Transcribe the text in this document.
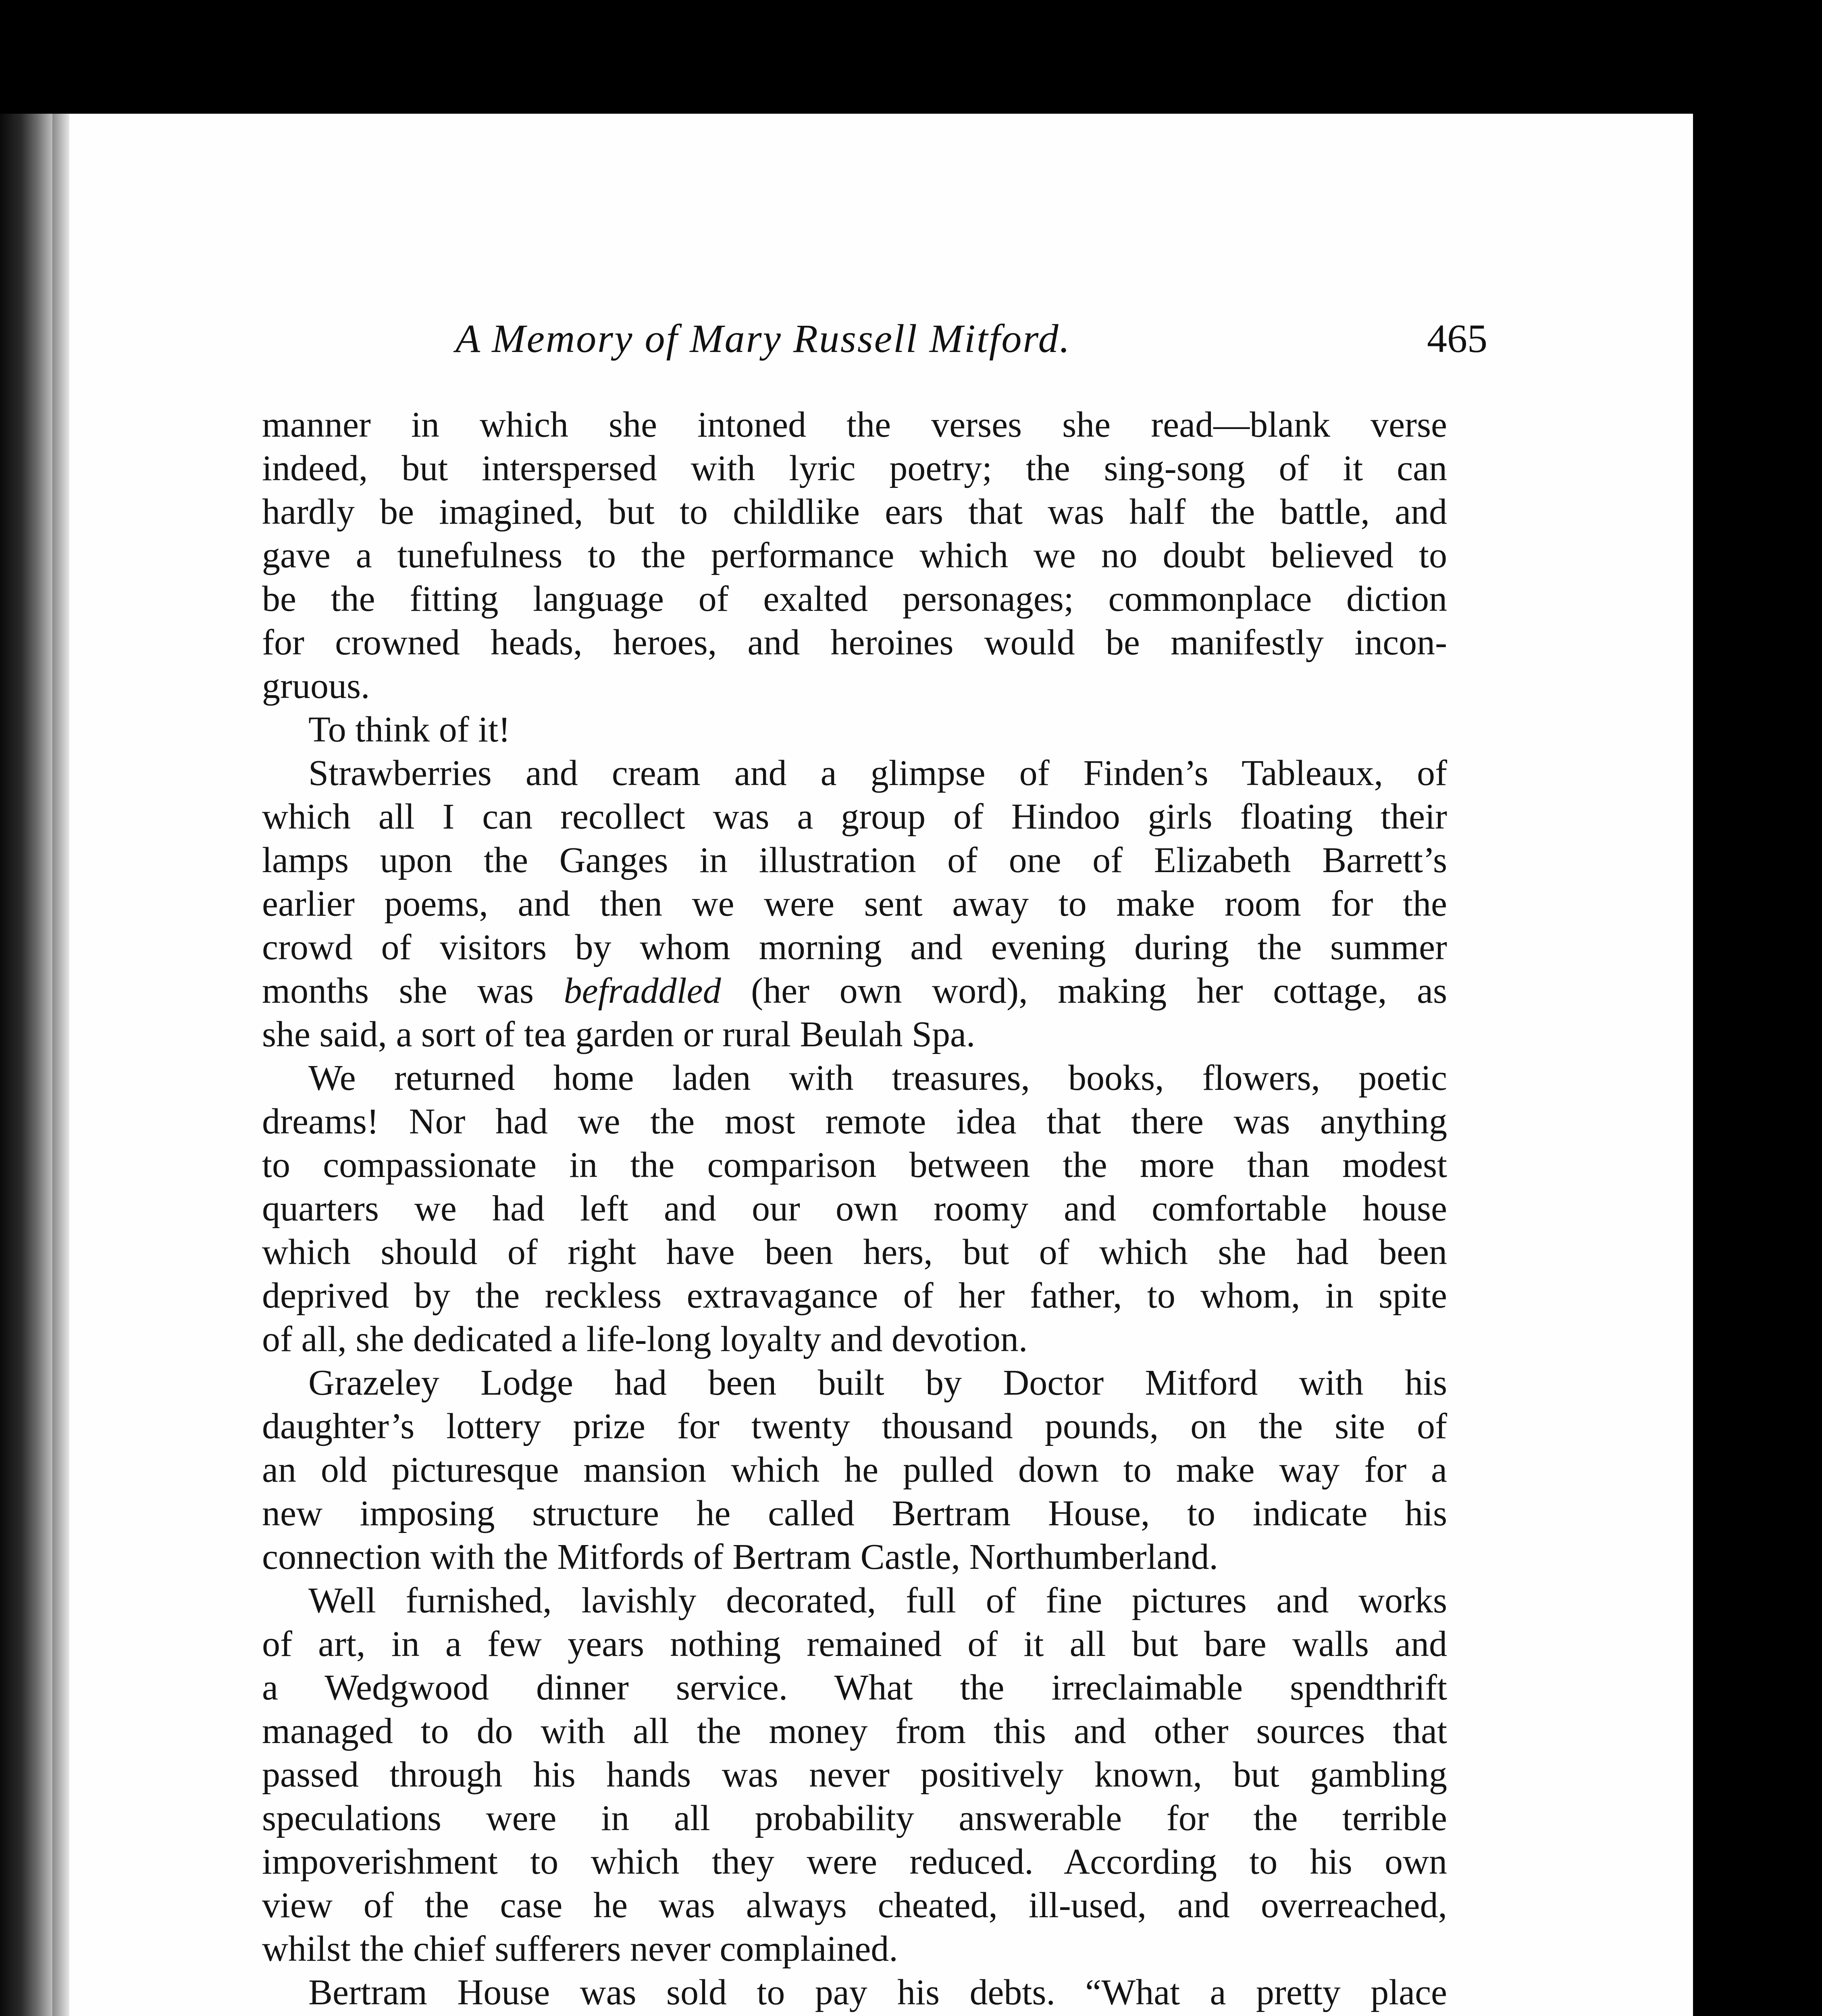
A Memory of Mary Russell Mitford.	465
manner in which she intoned the verses she read—blank verse
indeed, but interspersed with lyric poetry; the sing-song of it can
hardly be imagined, but to childlike ears that was half the battle, and
gave a tunefulness to the performance which we no doubt believed to
be the fitting language of exalted personages; commonplace diction
for crowned heads, heroes, and heroines would be manifestly incon-
gruous.
To think of it!
Strawberries and cream and a glimpse of Finden’s Tableaux, of
which all I can recollect was a group of Hindoo girls floating their
lamps upon the Ganges in illustration of one of Elizabeth Barrett’s
earlier poems, and then we were sent away to make room for the
crowd of visitors by whom morning and evening during the summer
months she was befraddled (her own word), making her cottage, as
she said, a sort of tea garden or rural Beulah Spa.
We returned home laden with treasures, books, flowers, poetic
dreams! Nor had we the most remote idea that there was anything
to compassionate in the comparison between the more than modest
quarters we had left and our own roomy and comfortable house
which should of right have been hers, but of which she had been
deprived by the reckless extravagance of her father, to whom, in spite
of all, she dedicated a life-long loyalty and devotion.
Grazeley Lodge had been built by Doctor Mitford with his
daughter’s lottery prize for twenty thousand pounds, on the site of
an old picturesque mansion which he pulled down to make way for a
new imposing structure he called Bertram House, to indicate his
connection with the Mitfords of Bertram Castle, Northumberland.
Well furnished, lavishly decorated, full of fine pictures and works
of art, in a few years nothing remained of it all but bare walls and
a Wedgwood dinner service. What the irreclaimable spendthrift
managed to do with all the money from this and other sources that
passed through his hands was never positively known, but gambling
speculations were in all probability answerable for the terrible
impoverishment to which they were reduced. According to his own
view of the case he was always cheated, ill-used, and overreached,
whilst the chief sufferers never complained.
Bertram House was sold to pay his debts. “What a pretty place
